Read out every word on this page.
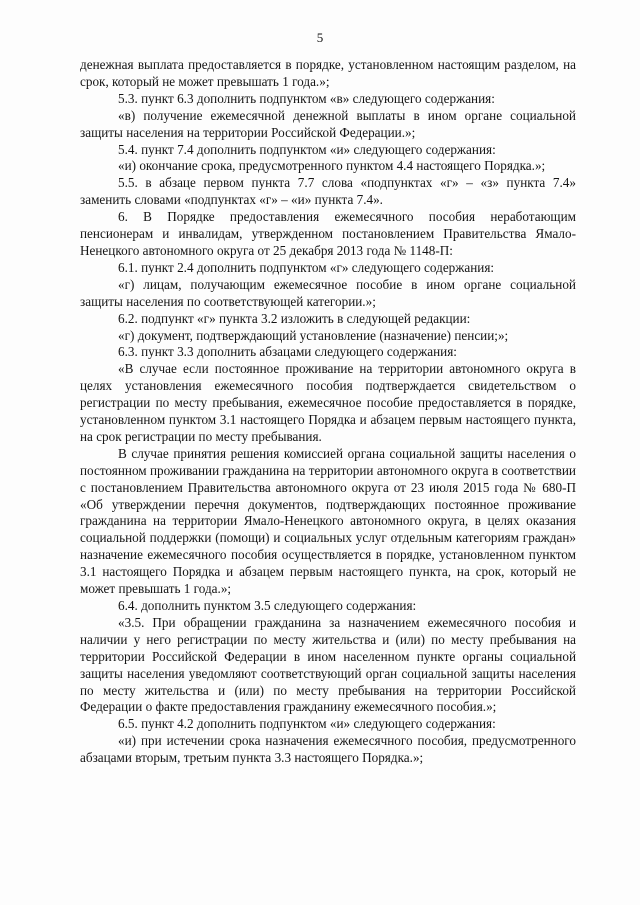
5

денежная выплата предоставляется в порядке, установленном настоящим разделом, на срок, который не может превышать 1 года.»;

5.3. пункт 6.3 дополнить подпунктом «в» следующего содержания:

«в) получение ежемесячной денежной выплаты в ином органе социальной защиты населения на территории Российской Федерации.»;

5.4. пункт 7.4 дополнить подпунктом «и» следующего содержания:

«и) окончание срока, предусмотренного пунктом 4.4 настоящего Порядка.»;

5.5. в абзаце первом пункта 7.7 слова «подпунктах «г» – «з» пункта 7.4» заменить словами «подпунктах «г» – «и» пункта 7.4».

6. В Порядке предоставления ежемесячного пособия неработающим пенсионерам и инвалидам, утвержденном постановлением Правительства Ямало-Ненецкого автономного округа от 25 декабря 2013 года № 1148-П:

6.1. пункт 2.4 дополнить подпунктом «г» следующего содержания:

«г) лицам, получающим ежемесячное пособие в ином органе социальной защиты населения по соответствующей категории.»;

6.2. подпункт «г» пункта 3.2 изложить в следующей редакции:

«г) документ, подтверждающий установление (назначение) пенсии;»;

6.3. пункт 3.3 дополнить абзацами следующего содержания:

«В случае если постоянное проживание на территории автономного округа в целях установления ежемесячного пособия подтверждается свидетельством о регистрации по месту пребывания, ежемесячное пособие предоставляется в порядке, установленном пунктом 3.1 настоящего Порядка и абзацем первым настоящего пункта, на срок регистрации по месту пребывания.

В случае принятия решения комиссией органа социальной защиты населения о постоянном проживании гражданина на территории автономного округа в соответствии с постановлением Правительства автономного округа от 23 июля 2015 года № 680-П «Об утверждении перечня документов, подтверждающих постоянное проживание гражданина на территории Ямало-Ненецкого автономного округа, в целях оказания социальной поддержки (помощи) и социальных услуг отдельным категориям граждан» назначение ежемесячного пособия осуществляется в порядке, установленном пунктом 3.1 настоящего Порядка и абзацем первым настоящего пункта, на срок, который не может превышать 1 года.»;

6.4. дополнить пунктом 3.5 следующего содержания:

«3.5. При обращении гражданина за назначением ежемесячного пособия и наличии у него регистрации по месту жительства и (или) по месту пребывания на территории Российской Федерации в ином населенном пункте органы социальной защиты населения уведомляют соответствующий орган социальной защиты населения по месту жительства и (или) по месту пребывания на территории Российской Федерации о факте предоставления гражданину ежемесячного пособия.»;

6.5. пункт 4.2 дополнить подпунктом «и» следующего содержания:

«и) при истечении срока назначения ежемесячного пособия, предусмотренного абзацами вторым, третьим пункта 3.3 настоящего Порядка.»;
